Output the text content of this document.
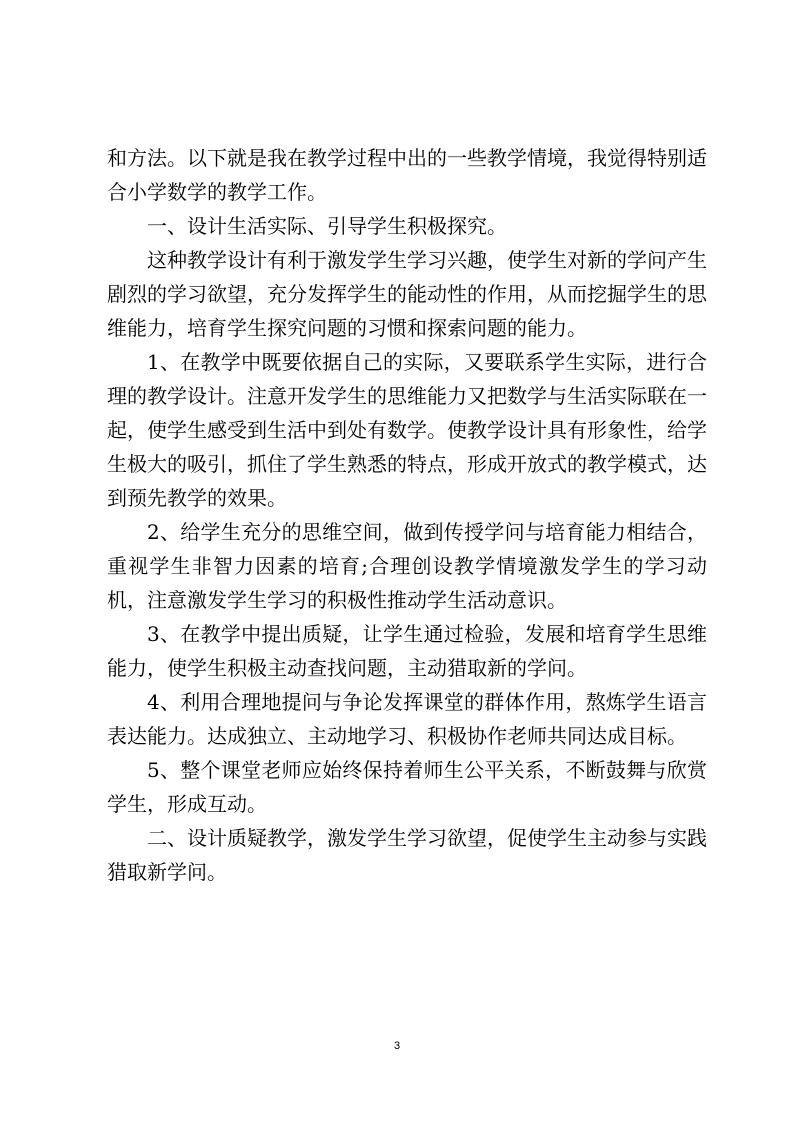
和方法。以下就是我在教学过程中出的一些教学情境，我觉得特别适合小学数学的教学工作。

一、设计生活实际、引导学生积极探究。

这种教学设计有利于激发学生学习兴趣，使学生对新的学问产生剧烈的学习欲望，充分发挥学生的能动性的作用，从而挖掘学生的思维能力，培育学生探究问题的习惯和探索问题的能力。

1、在教学中既要依据自己的实际，又要联系学生实际，进行合理的教学设计。注意开发学生的思维能力又把数学与生活实际联在一起，使学生感受到生活中到处有数学。使教学设计具有形象性，给学生极大的吸引，抓住了学生熟悉的特点，形成开放式的教学模式，达到预先教学的效果。

2、给学生充分的思维空间，做到传授学问与培育能力相结合，重视学生非智力因素的培育;合理创设教学情境激发学生的学习动机，注意激发学生学习的积极性推动学生活动意识。

3、在教学中提出质疑，让学生通过检验，发展和培育学生思维能力，使学生积极主动查找问题，主动猎取新的学问。

4、利用合理地提问与争论发挥课堂的群体作用，熬炼学生语言表达能力。达成独立、主动地学习、积极协作老师共同达成目标。

5、整个课堂老师应始终保持着师生公平关系，不断鼓舞与欣赏学生，形成互动。

二、设计质疑教学，激发学生学习欲望，促使学生主动参与实践猎取新学问。

3
